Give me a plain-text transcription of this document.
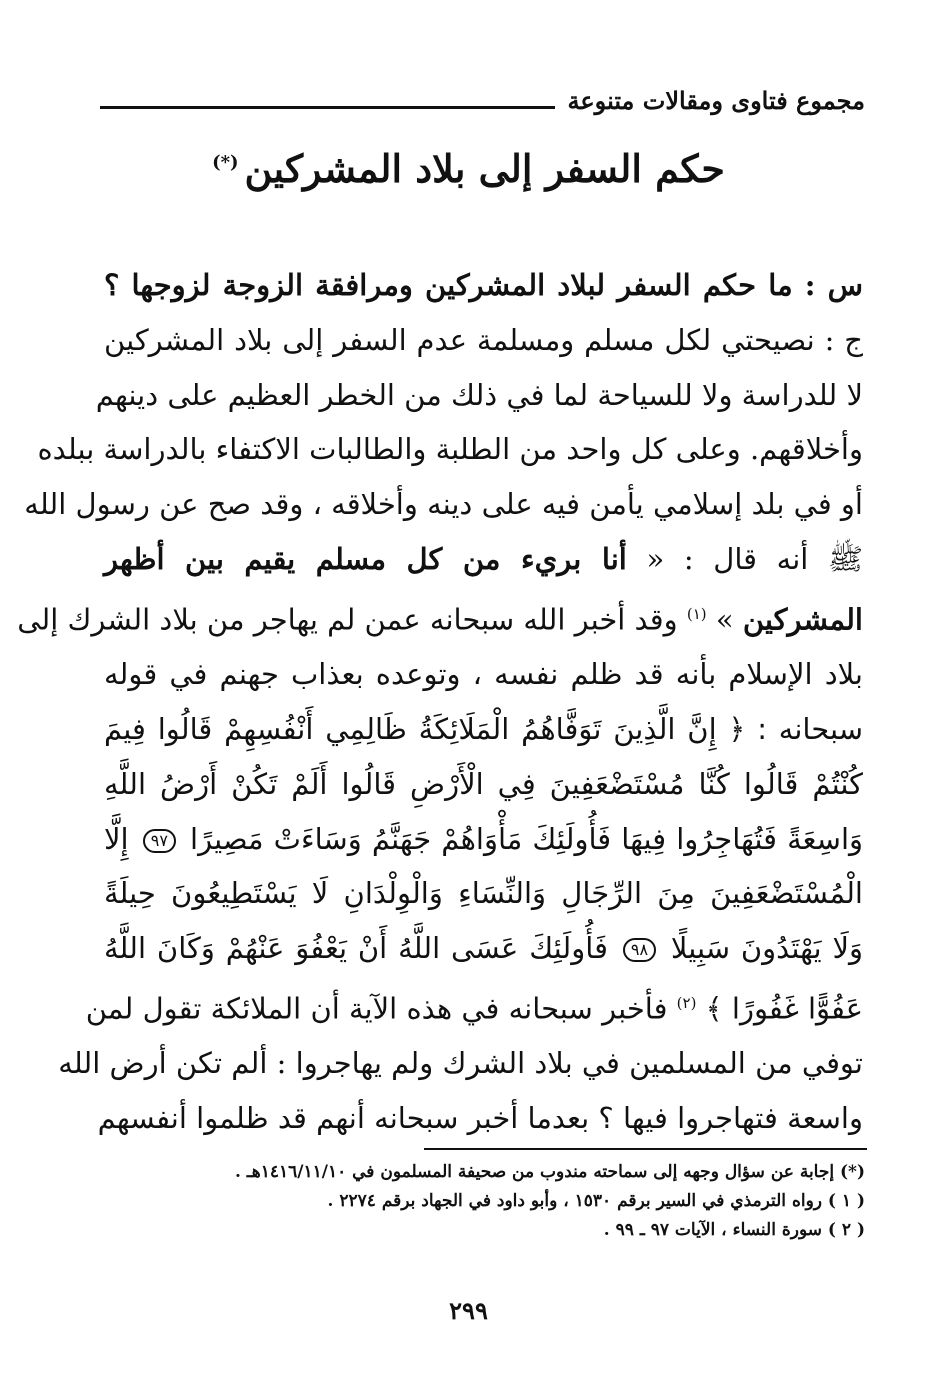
مجموع فتاوى ومقالات متنوعة
حكم السفر إلى بلاد المشركين(*)
س : ما حكم السفر لبلاد المشركين ومرافقة الزوجة لزوجها ؟
ج : نصيحتي لكل مسلم ومسلمة عدم السفر إلى بلاد المشركين
لا للدراسة ولا للسياحة لما في ذلك من الخطر العظيم على دينهم
وأخلاقهم. وعلى كل واحد من الطلبة والطالبات الاكتفاء بالدراسة ببلده
أو في بلد إسلامي يأمن فيه على دينه وأخلاقه ، وقد صح عن رسول الله
ﷺ أنه قال : « أنا بريء من كل مسلم يقيم بين أظهر
المشركين » $^{(١)}$ وقد أخبر الله سبحانه عمن لم يهاجر من بلاد الشرك إلى
بلاد الإسلام بأنه قد ظلم نفسه ، وتوعده بعذاب جهنم في قوله
سبحانه : ﴿ إِنَّ الَّذِينَ تَوَفَّاهُمُ الْمَلَائِكَةُ ظَالِمِي أَنْفُسِهِمْ قَالُوا فِيمَ
كُنْتُمْ قَالُوا كُنَّا مُسْتَضْعَفِينَ فِي الْأَرْضِ قَالُوا أَلَمْ تَكُنْ أَرْضُ اللَّهِ
وَاسِعَةً فَتُهَاجِرُوا فِيهَا فَأُولَئِكَ مَأْوَاهُمْ جَهَنَّمُ وَسَاءَتْ مَصِيرًا ٩٧ إِلَّا
الْمُسْتَضْعَفِينَ مِنَ الرِّجَالِ وَالنِّسَاءِ وَالْوِلْدَانِ لَا يَسْتَطِيعُونَ حِيلَةً
وَلَا يَهْتَدُونَ سَبِيلًا ٩٨ فَأُولَئِكَ عَسَى اللَّهُ أَنْ يَعْفُوَ عَنْهُمْ وَكَانَ اللَّهُ
عَفُوًّا غَفُورًا ﴾ $^{(٢)}$ فأخبر سبحانه في هذه الآية أن الملائكة تقول لمن
توفي من المسلمين في بلاد الشرك ولم يهاجروا : ألم تكن أرض الله
واسعة فتهاجروا فيها ؟ بعدما أخبر سبحانه أنهم قد ظلموا أنفسهم
(*) إجابة عن سؤال وجهه إلى سماحته مندوب من صحيفة المسلمون في ١٤١٦/١١/١٠هـ .
( ١ ) رواه الترمذي في السير برقم ١٥٣٠ ، وأبو داود في الجهاد برقم ٢٢٧٤ .
( ٢ ) سورة النساء ، الآيات ٩٧ ـ ٩٩ .
٢٩٩
